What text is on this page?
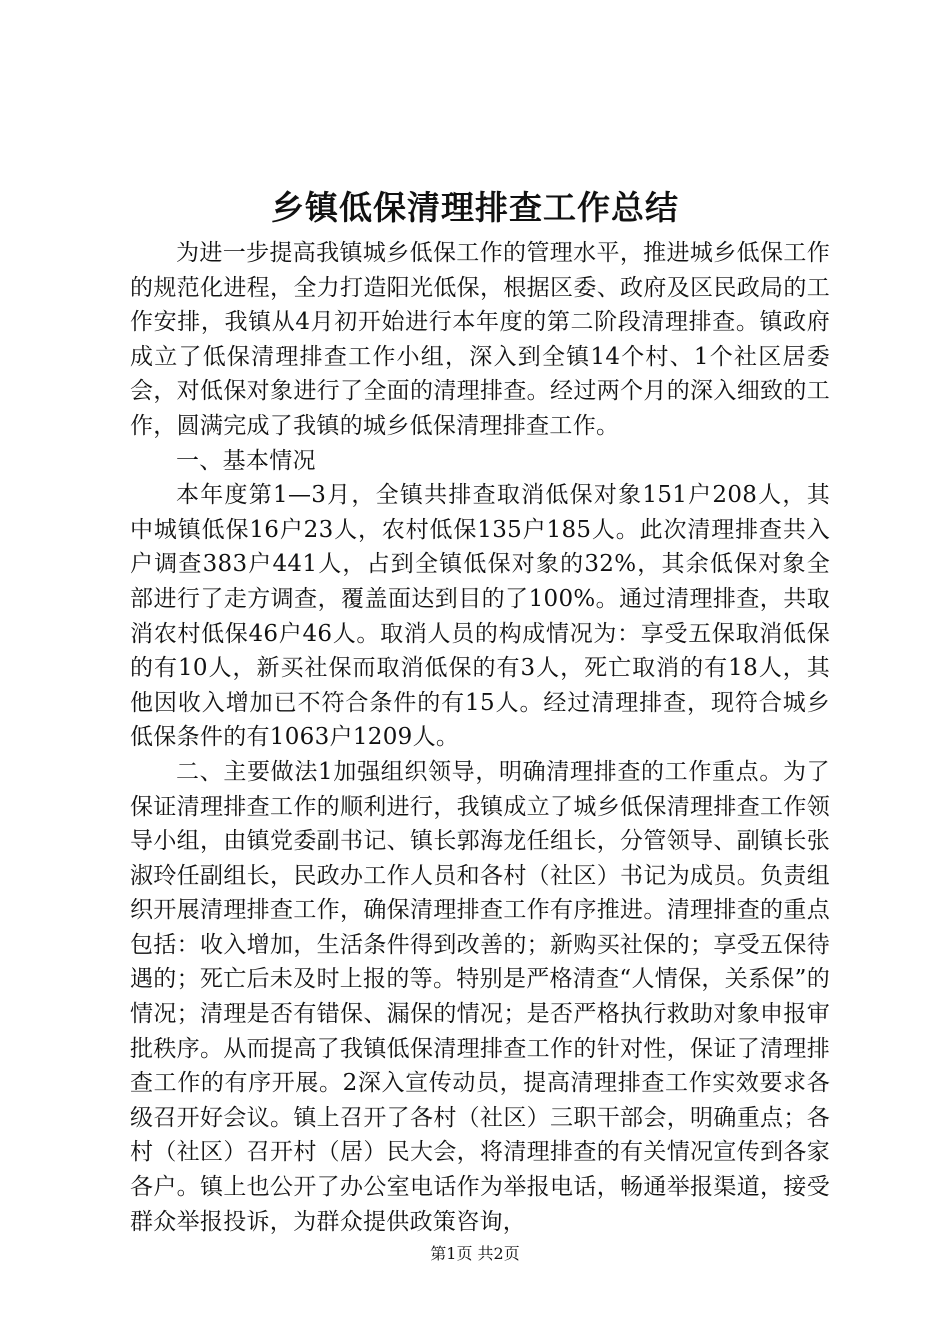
乡镇低保清理排查工作总结

为进一步提高我镇城乡低保工作的管理水平，推进城乡低保工作的规范化进程，全力打造阳光低保，根据区委、政府及区民政局的工作安排，我镇从4月初开始进行本年度的第二阶段清理排查。镇政府成立了低保清理排查工作小组，深入到全镇14个村、1个社区居委会，对低保对象进行了全面的清理排查。经过两个月的深入细致的工作，圆满完成了我镇的城乡低保清理排查工作。

一、基本情况

本年度第1—3月，全镇共排查取消低保对象151户208人，其中城镇低保16户23人，农村低保135户185人。此次清理排查共入户调查383户441人，占到全镇低保对象的32%，其余低保对象全部进行了走方调查，覆盖面达到目的了100%。通过清理排查，共取消农村低保46户46人。取消人员的构成情况为：享受五保取消低保的有10人，新买社保而取消低保的有3人，死亡取消的有18人，其他因收入增加已不符合条件的有15人。经过清理排查，现符合城乡低保条件的有1063户1209人。

二、主要做法1加强组织领导，明确清理排查的工作重点。为了保证清理排查工作的顺利进行，我镇成立了城乡低保清理排查工作领导小组，由镇党委副书记、镇长郭海龙任组长，分管领导、副镇长张淑玲任副组长，民政办工作人员和各村（社区）书记为成员。负责组织开展清理排查工作，确保清理排查工作有序推进。清理排查的重点包括：收入增加，生活条件得到改善的；新购买社保的；享受五保待遇的；死亡后未及时上报的等。特别是严格清查“人情保，关系保”的情况；清理是否有错保、漏保的情况；是否严格执行救助对象申报审批秩序。从而提高了我镇低保清理排查工作的针对性，保证了清理排查工作的有序开展。2深入宣传动员，提高清理排查工作实效要求各级召开好会议。镇上召开了各村（社区）三职干部会，明确重点；各村（社区）召开村（居）民大会，将清理排查的有关情况宣传到各家各户。镇上也公开了办公室电话作为举报电话，畅通举报渠道，接受群众举报投诉，为群众提供政策咨询，

第1页 共2页
